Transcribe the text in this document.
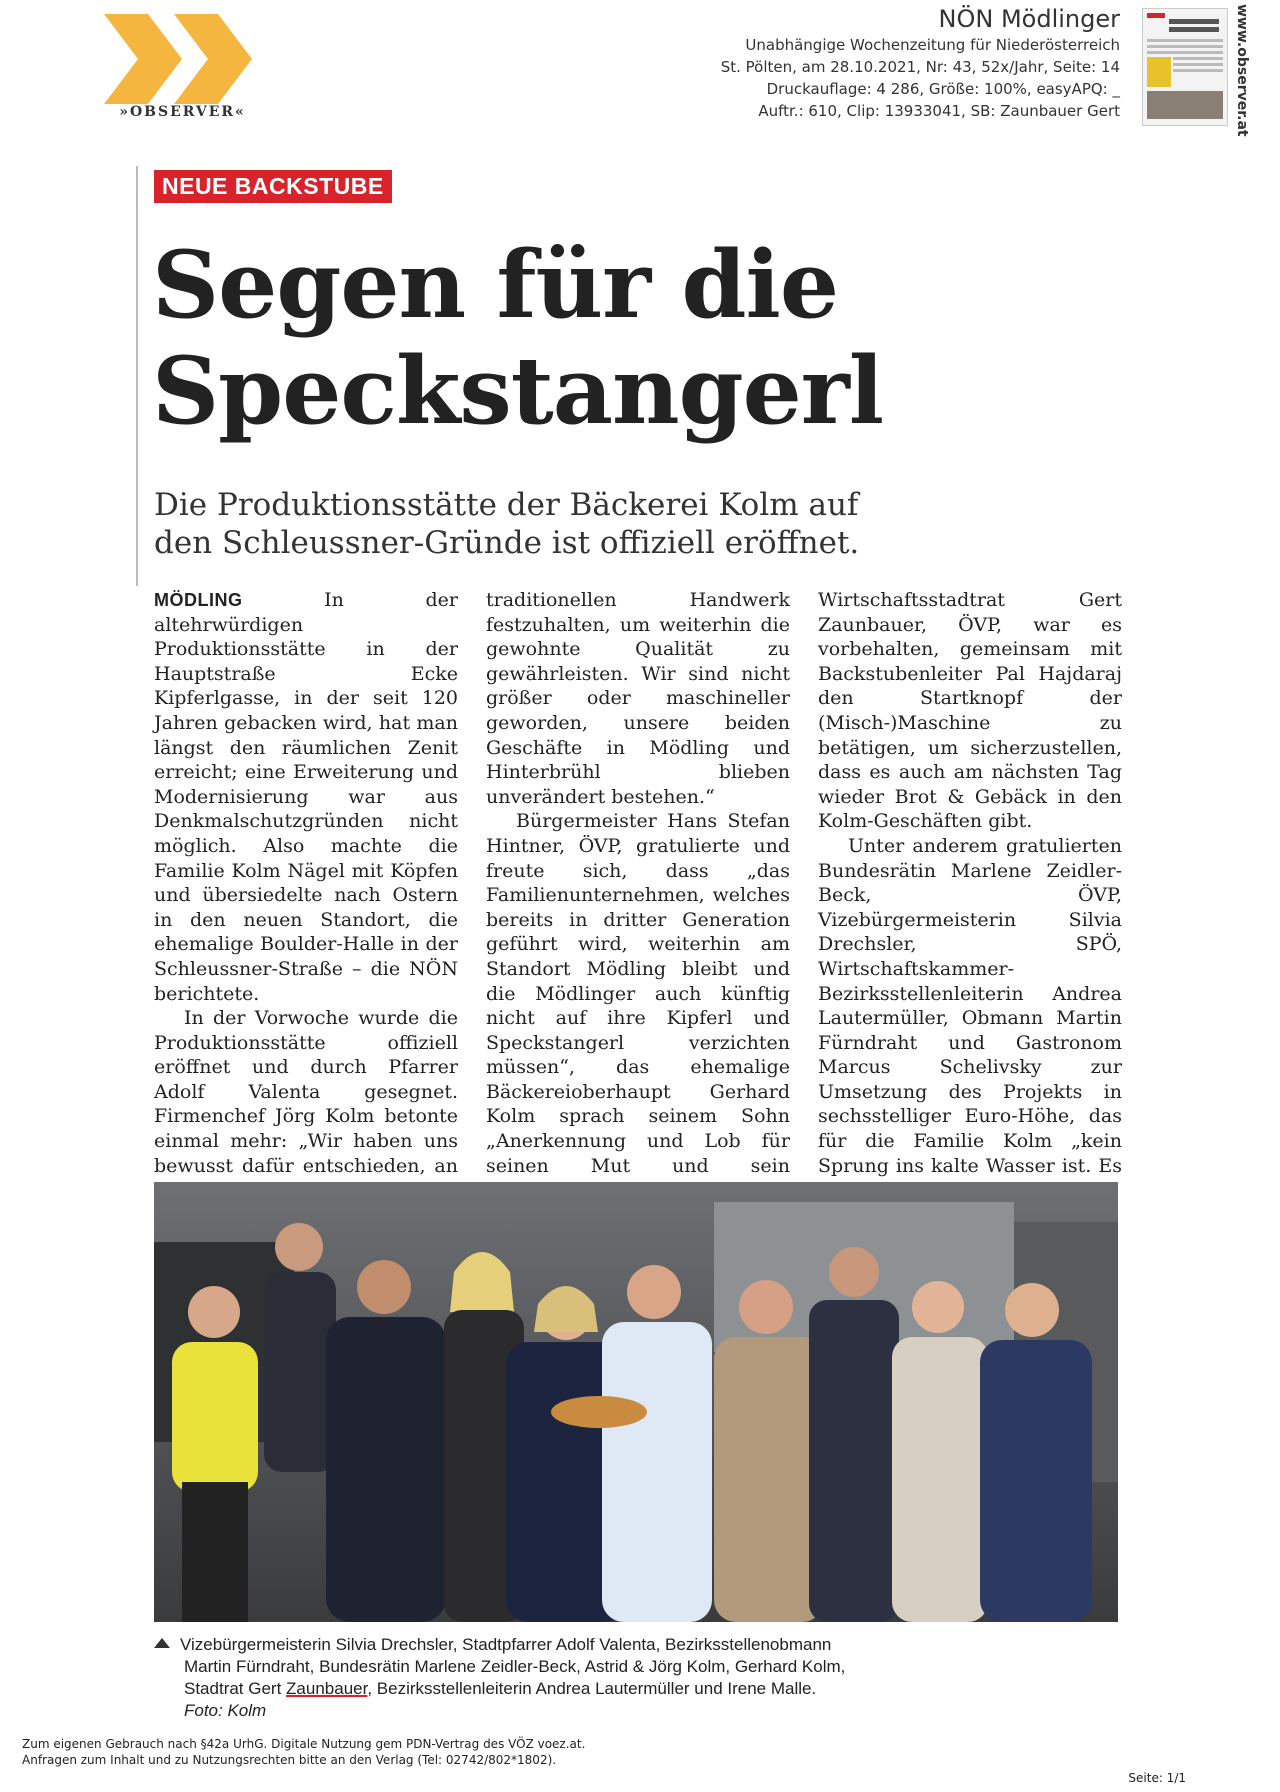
»OBSERVER«
NÖN Mödlinger
Unabhängige Wochenzeitung für Niederösterreich
St. Pölten, am 28.10.2021, Nr: 43, 52x/Jahr, Seite: 14
Druckauflage: 4 286, Größe: 100%, easyAPQ: _
Auftr.: 610, Clip: 13933041, SB: Zaunbauer Gert	www.observer.at
NEUE BACKSTUBE
Segen für die
Speckstangerl
Die Produktionsstätte der Bäckerei Kolm auf
den Schleussner-Gründe ist offiziell eröffnet.

MÖDLING	In der altehrwürdigen Produktionsstätte in der Hauptstraße Ecke Kipferlgasse, in der seit 120 Jahren gebacken wird, hat man längst den räumlichen Zenit erreicht; eine Erweiterung und Modernisierung war aus Denkmalschutzgründen nicht möglich. Also machte die Familie Kolm Nägel mit Köpfen und übersiedelte nach Ostern in den neuen Standort, die ehemalige Boulder-Halle in der Schleussner-Straße – die NÖN berichtete.

In der Vorwoche wurde die Produktionsstätte offiziell eröffnet und durch Pfarrer Adolf Valenta gesegnet. Firmenchef Jörg Kolm betonte einmal mehr: „Wir haben uns bewusst dafür entschieden, an

traditionellen Handwerk festzuhalten, um weiterhin die gewohnte Qualität zu gewährleisten. Wir sind nicht größer oder maschineller geworden, unsere beiden Geschäfte in Mödling und Hinterbrühl blieben unverändert bestehen.“

Bürgermeister Hans Stefan Hintner, ÖVP, gratulierte und freute sich, dass „das Familienunternehmen, welches bereits in dritter Generation geführt wird, weiterhin am Standort Mödling bleibt und die Mödlinger auch künftig nicht auf ihre Kipferl und Speckstangerl verzichten müssen“, das ehemalige Bäckereioberhaupt Gerhard Kolm sprach seinem Sohn „Anerkennung und Lob für seinen Mut und sein

Wirtschaftsstadtrat Gert Zaunbauer, ÖVP, war es vorbehalten, gemeinsam mit Backstubenleiter Pal Hajdaraj den Startknopf der (Misch-)Maschine zu betätigen, um sicherzustellen, dass es auch am nächsten Tag wieder Brot & Gebäck in den Kolm-Geschäften gibt.

Unter anderem gratulierten Bundesrätin Marlene Zeidler-Beck, ÖVP, Vizebürgermeisterin Silvia Drechsler, SPÖ, Wirtschaftskammer-Bezirksstellenleiterin Andrea Lautermüller, Obmann Martin Fürndraht und Gastronom Marcus Schelivsky zur Umsetzung des Projekts in sechsstelliger Euro-Höhe, das für die Familie Kolm „kein Sprung ins kalte Wasser ist. Es

Vizebürgermeisterin Silvia Drechsler, Stadtpfarrer Adolf Valenta, Bezirksstellenobmann
Martin Fürndraht, Bundesrätin Marlene Zeidler-Beck, Astrid & Jörg Kolm, Gerhard Kolm,
Stadtrat Gert Zaunbauer, Bezirksstellenleiterin Andrea Lautermüller und Irene Malle.
Foto: Kolm
Zum eigenen Gebrauch nach §42a UrhG. Digitale Nutzung gem PDN-Vertrag des VÖZ voez.at.
Anfragen zum Inhalt und zu Nutzungsrechten bitte an den Verlag (Tel: 02742/802*1802).
Seite: 1/1
